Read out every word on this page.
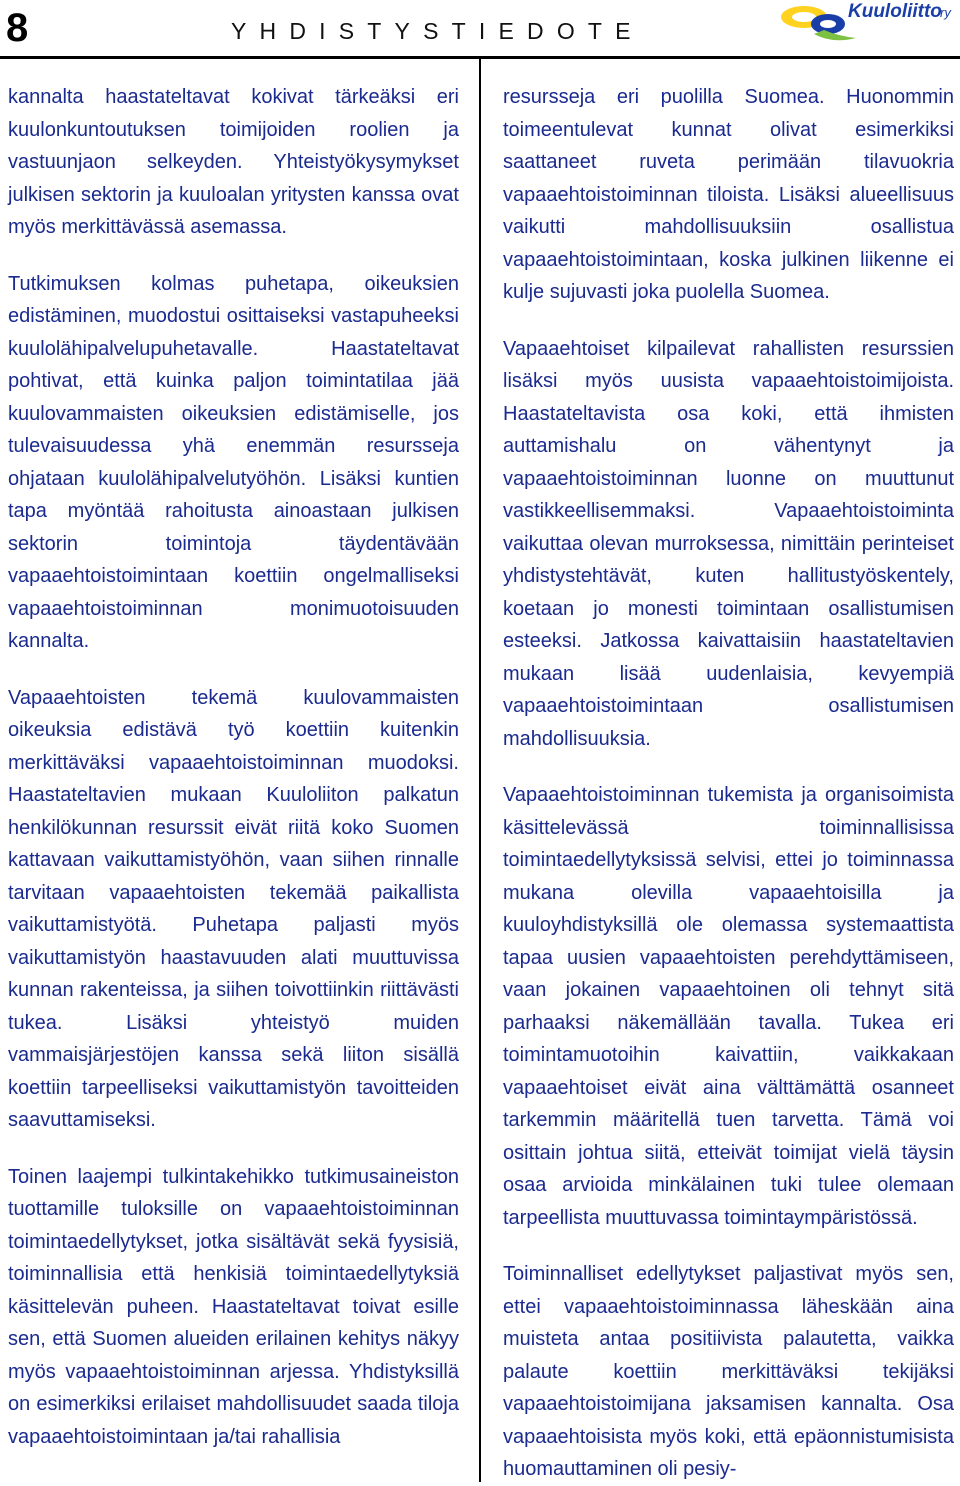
8	YHDISTYSTIEDOTE
Kuuloliitto
ry

kannalta haastateltavat kokivat tärkeäksi eri kuulonkuntoutuksen toimijoiden roolien ja vastuunjaon selkeyden. Yhteistyökysymykset julkisen sektorin ja kuuloalan yritysten kanssa ovat myös merkittävässä asemassa.

Tutkimuksen kolmas puhetapa, oikeuksien edistäminen, muodostui osittaiseksi vastapuheeksi kuulolähipalvelupuhetavalle. Haastateltavat pohtivat, että kuinka paljon toimintatilaa jää kuulovammaisten oikeuksien edistämiselle, jos tulevaisuudessa yhä enemmän resursseja ohjataan kuulolähipalvelutyöhön. Lisäksi kuntien tapa myöntää rahoitusta ainoastaan julkisen sektorin toimintoja täydentävään vapaaehtoistoimintaan koettiin ongelmalliseksi vapaaehtoistoiminnan monimuotoisuuden kannalta.

Vapaaehtoisten tekemä kuulovammaisten oikeuksia edistävä työ koettiin kuitenkin merkittäväksi vapaaehtoistoiminnan muodoksi. Haastateltavien mukaan Kuuloliiton palkatun henkilökunnan resurssit eivät riitä koko Suomen kattavaan vaikuttamistyöhön, vaan siihen rinnalle tarvitaan vapaaehtoisten tekemää paikallista vaikuttamistyötä. Puhetapa paljasti myös vaikuttamistyön haastavuuden alati muuttuvissa kunnan rakenteissa, ja siihen toivottiinkin riittävästi tukea. Lisäksi yhteistyö muiden vammaisjärjestöjen kanssa sekä liiton sisällä koettiin tarpeelliseksi vaikuttamistyön tavoitteiden saavuttamiseksi.

Toinen laajempi tulkintakehikko tutkimusaineiston tuottamille tuloksille on vapaaehtoistoiminnan toimintaedellytykset, jotka sisältävät sekä fyysisiä, toiminnallisia että henkisiä toimintaedellytyksiä käsittelevän puheen. Haastateltavat toivat esille sen, että Suomen alueiden erilainen kehitys näkyy myös vapaaehtoistoiminnan arjessa. Yhdistyksillä on esimerkiksi erilaiset mahdollisuudet saada tiloja vapaaehtoistoimintaan ja/tai rahallisia

resursseja eri puolilla Suomea. Huonommin toimeentulevat kunnat olivat esimerkiksi saattaneet ruveta perimään tilavuokria vapaaehtoistoiminnan tiloista. Lisäksi alueellisuus vaikutti mahdollisuuksiin osallistua vapaaehtoistoimintaan, koska julkinen liikenne ei kulje sujuvasti joka puolella Suomea.

Vapaaehtoiset kilpailevat rahallisten resurssien lisäksi myös uusista vapaaehtoistoimijoista. Haastateltavista osa koki, että ihmisten auttamishalu on vähentynyt ja vapaaehtoistoiminnan luonne on muuttunut vastikkeellisemmaksi. Vapaaehtoistoiminta vaikuttaa olevan murroksessa, nimittäin perinteiset yhdistystehtävät, kuten hallitustyöskentely, koetaan jo monesti toimintaan osallistumisen esteeksi. Jatkossa kaivattaisiin haastateltavien mukaan lisää uudenlaisia, kevyempiä vapaaehtoistoimintaan osallistumisen mahdollisuuksia.

Vapaaehtoistoiminnan tukemista ja organisoimista käsittelevässä toiminnallisissa toimintaedellytyksissä selvisi, ettei jo toiminnassa mukana olevilla vapaaehtoisilla ja kuuloyhdistyksillä ole olemassa systemaattista tapaa uusien vapaaehtoisten perehdyttämiseen, vaan jokainen vapaaehtoinen oli tehnyt sitä parhaaksi näkemällään tavalla. Tukea eri toimintamuotoihin kaivattiin, vaikkakaan vapaaehtoiset eivät aina välttämättä osanneet tarkemmin määritellä tuen tarvetta. Tämä voi osittain johtua siitä, etteivät toimijat vielä täysin osaa arvioida minkälainen tuki tulee olemaan tarpeellista muuttuvassa toimintaympäristössä.

Toiminnalliset edellytykset paljastivat myös sen, ettei vapaaehtoistoiminnassa läheskään aina muisteta antaa positiivista palautetta, vaikka palaute koettiin merkittäväksi tekijäksi vapaaehtoistoimijana jaksamisen kannalta. Osa vapaaehtoisista myös koki, että epäonnistumisista huomauttaminen oli pesiy-
